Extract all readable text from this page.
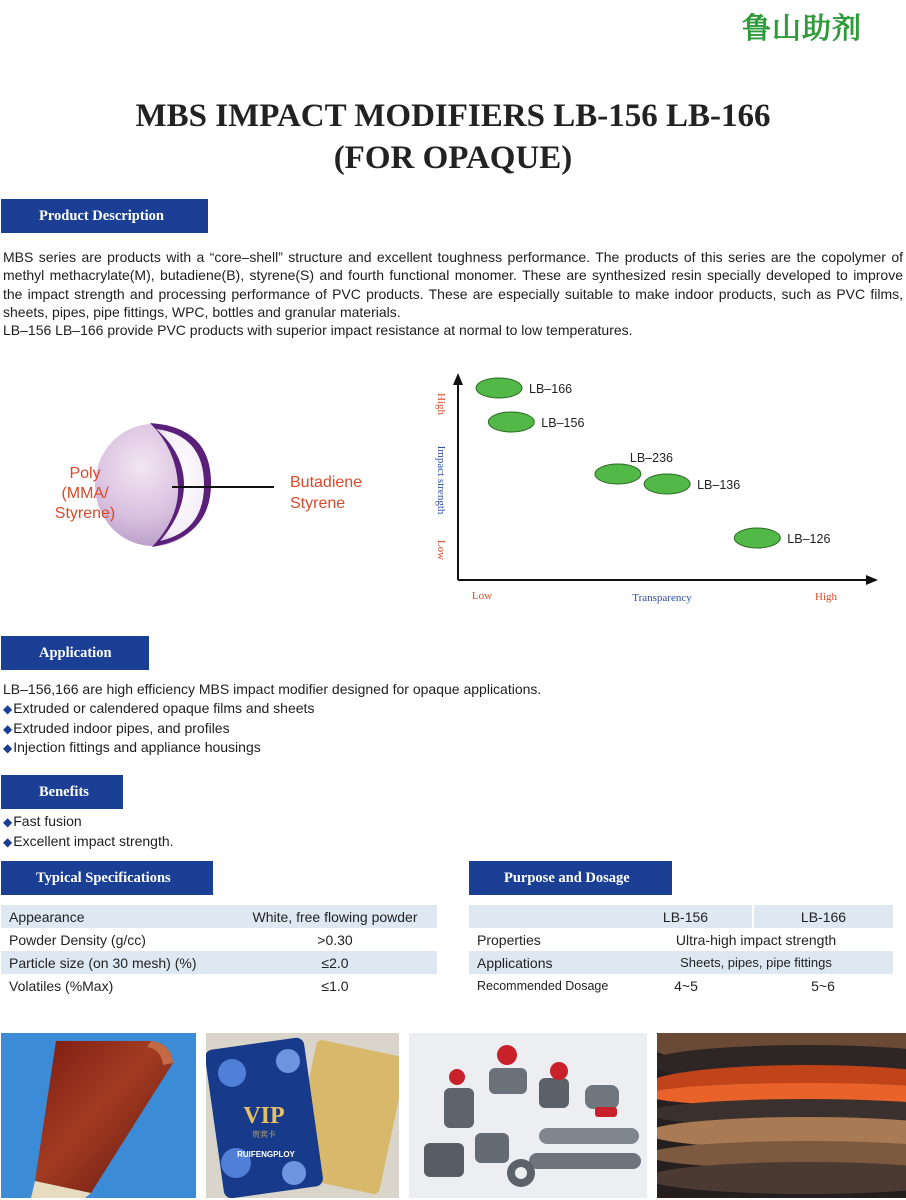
鲁山助剂
MBS IMPACT MODIFIERS LB-156 LB-166
(FOR OPAQUE)
Product Description

MBS series are products with a “core–shell” structure and excellent toughness performance. The products of this series are the copolymer of methyl methacrylate(M), butadiene(B), styrene(S) and fourth functional monomer. These are synthesized resin specially developed to improve the impact strength and processing performance of PVC products. These are especially suitable to make indoor products, such as PVC films, sheets, pipes, pipe fittings, WPC, bottles and granular materials.

LB–156 LB–166 provide PVC products with superior impact resistance at normal to low temperatures.

Poly
(MMA/
Styrene)
Butadiene
Styrene
High
Impact strength
Low
Low	Transparency	High
LB–166
LB–156
LB–236
LB–136
LB–126
Application
LB–156,166 are high efficiency MBS impact modifier designed for opaque applications.
◆Extruded or calendered opaque films and sheets
◆Extruded indoor pipes, and profiles
◆Injection fittings and appliance housings
Benefits
◆Fast fusion
◆Excellent impact strength.
Typical Specifications	Purpose and Dosage
Appearance	White, free flowing powder
Powder Density (g/cc)	>0.30
Particle size (on 30 mesh) (%)	≤2.0
Volatiles (%Max)	≤1.0
	LB-156	LB-166
Properties	Ultra-high impact strength	
Applications	Sheets, pipes, pipe fittings	
Recommended Dosage	4~5	5~6
VIP
贵宾卡
RUIFENGPLOY
